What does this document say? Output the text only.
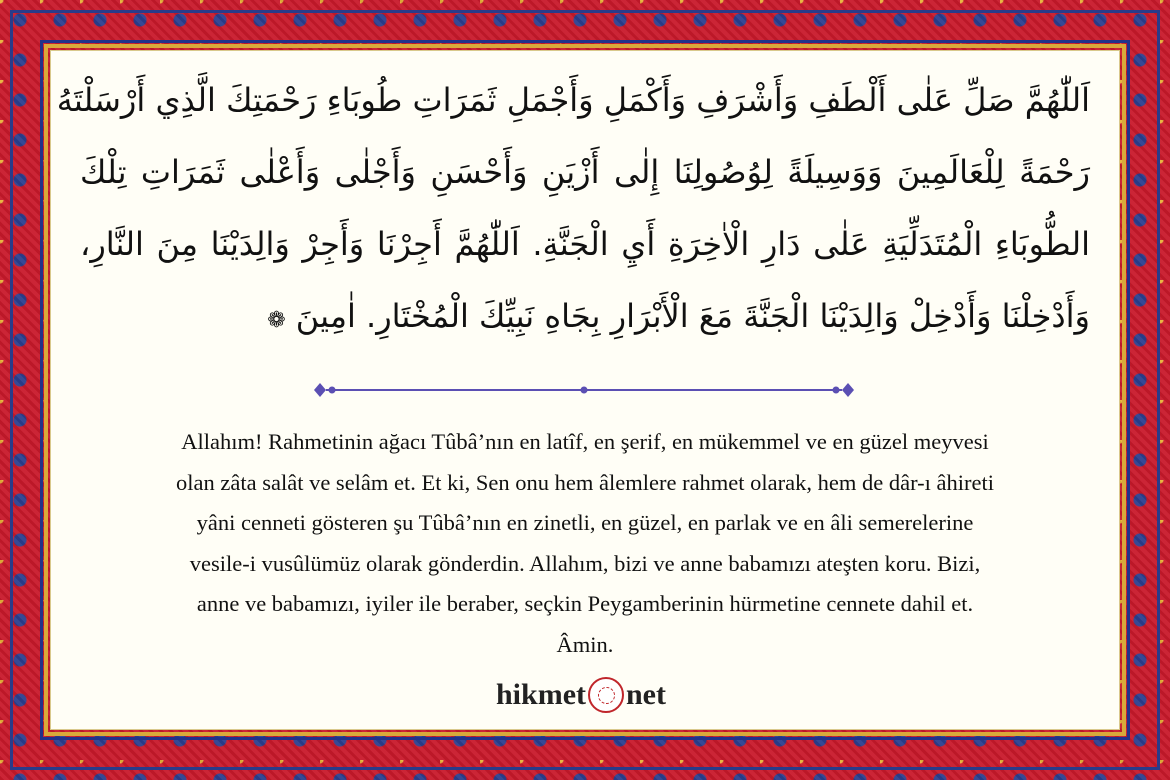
اَللّٰهُمَّ صَلِّ عَلٰى أَلْطَفِ وَأَشْرَفِ وَأَكْمَلِ وَأَجْمَلِ ثَمَرَاتِ طُوبَاءِ رَحْمَتِكَ الَّذِي أَرْسَلْتَهُ
رَحْمَةً لِلْعَالَمِينَ وَوَسِيلَةً لِوُصُولِنَا إِلٰى أَزْيَنِ وَأَحْسَنِ وَأَجْلٰى وَأَعْلٰى ثَمَرَاتِ تِلْكَ
الطُّوبَاءِ الْمُتَدَلِّيَةِ عَلٰى دَارِ الْاٰخِرَةِ أَيِ الْجَنَّةِ. اَللّٰهُمَّ أَجِرْنَا وَأَجِرْ وَالِدَيْنَا مِنَ النَّارِ،
وَأَدْخِلْنَا وَأَدْخِلْ وَالِدَيْنَا الْجَنَّةَ مَعَ الْأَبْرَارِ بِجَاهِ نَبِيِّكَ الْمُخْتَارِ. اٰمِينَ ❁
Allahım! Rahmetinin ağacı Tûbâ’nın en latîf, en şerif, en mükemmel ve en güzel meyvesi
olan zâta salât ve selâm et. Et ki, Sen onu hem âlemlere rahmet olarak, hem de dâr-ı âhireti
yâni cenneti gösteren şu Tûbâ’nın en zinetli, en güzel, en parlak ve en âli semerelerine
vesile-i vusûlümüz olarak gönderdin. Allahım, bizi ve anne babamızı ateşten koru. Bizi,
anne ve babamızı, iyiler ile beraber, seçkin Peygamberinin hürmetine cennete dahil et.
Âmin.
hikmet net
